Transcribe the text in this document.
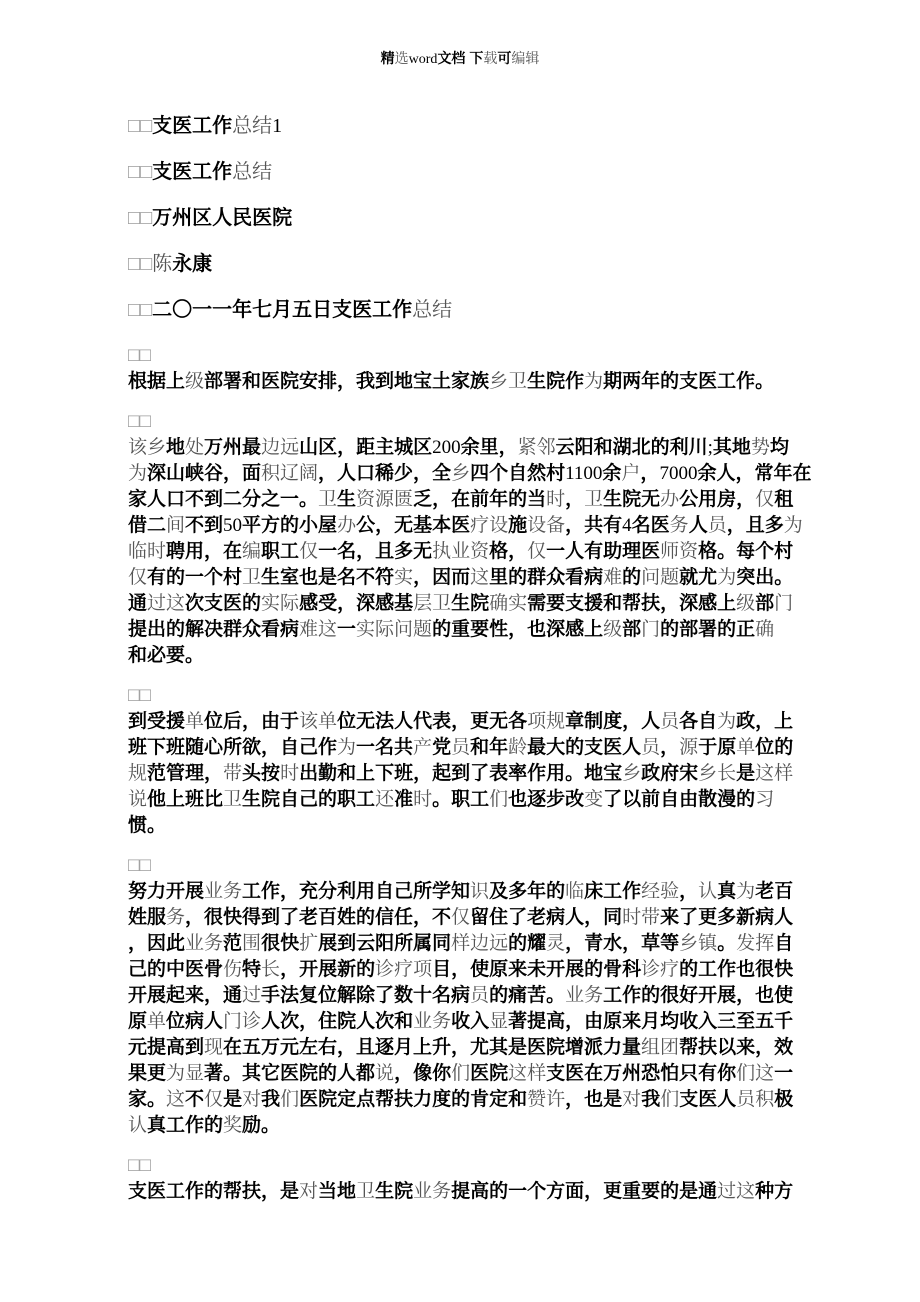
精选word文档 下载可编辑
□□支医工作总结1
□□支医工作总结
□□万州区人民医院
□□陈永康
□□二〇一一年七月五日支医工作总结
□□
根据上级部署和医院安排，我到地宝土家族乡卫生院作为期两年的支医工作。
□□
该乡地处万州最边远山区，距主城区200余里，紧邻云阳和湖北的利川;其地势均
为深山峡谷，面积辽阔，人口稀少，全乡四个自然村1100余户，7000余人，常年在
家人口不到二分之一。卫生资源匮乏，在前年的当时，卫生院无办公用房，仅租
借二间不到50平方的小屋办公，无基本医疗设施设备，共有4名医务人员，且多为
临时聘用，在编职工仅一名，且多无执业资格，仅一人有助理医师资格。每个村
仅有的一个村卫生室也是名不符实，因而这里的群众看病难的问题就尤为突出。
通过这次支医的实际感受，深感基层卫生院确实需要支援和帮扶，深感上级部门
提出的解决群众看病难这一实际问题的重要性，也深感上级部门的部署的正确
和必要。
□□
到受援单位后，由于该单位无法人代表，更无各项规章制度，人员各自为政，上
班下班随心所欲，自己作为一名共产党员和年龄最大的支医人员，源于原单位的
规范管理，带头按时出勤和上下班，起到了表率作用。地宝乡政府宋乡长是这样
说他上班比卫生院自己的职工还准时。职工们也逐步改变了以前自由散漫的习
惯。
□□
努力开展业务工作，充分利用自己所学知识及多年的临床工作经验，认真为老百
姓服务，很快得到了老百姓的信任，不仅留住了老病人，同时带来了更多新病人
，因此业务范围很快扩展到云阳所属同样边远的耀灵，青水，草等乡镇。发挥自
己的中医骨伤特长，开展新的诊疗项目，使原来未开展的骨科诊疗的工作也很快
开展起来，通过手法复位解除了数十名病员的痛苦。业务工作的很好开展，也使
原单位病人门诊人次，住院人次和业务收入显著提高，由原来月均收入三至五千
元提高到现在五万元左右，且逐月上升，尤其是医院增派力量组团帮扶以来，效
果更为显著。其它医院的人都说，像你们医院这样支医在万州恐怕只有你们这一
家。这不仅是对我们医院定点帮扶力度的肯定和赞许，也是对我们支医人员积极
认真工作的奖励。
□□
支医工作的帮扶，是对当地卫生院业务提高的一个方面，更重要的是通过这种方
